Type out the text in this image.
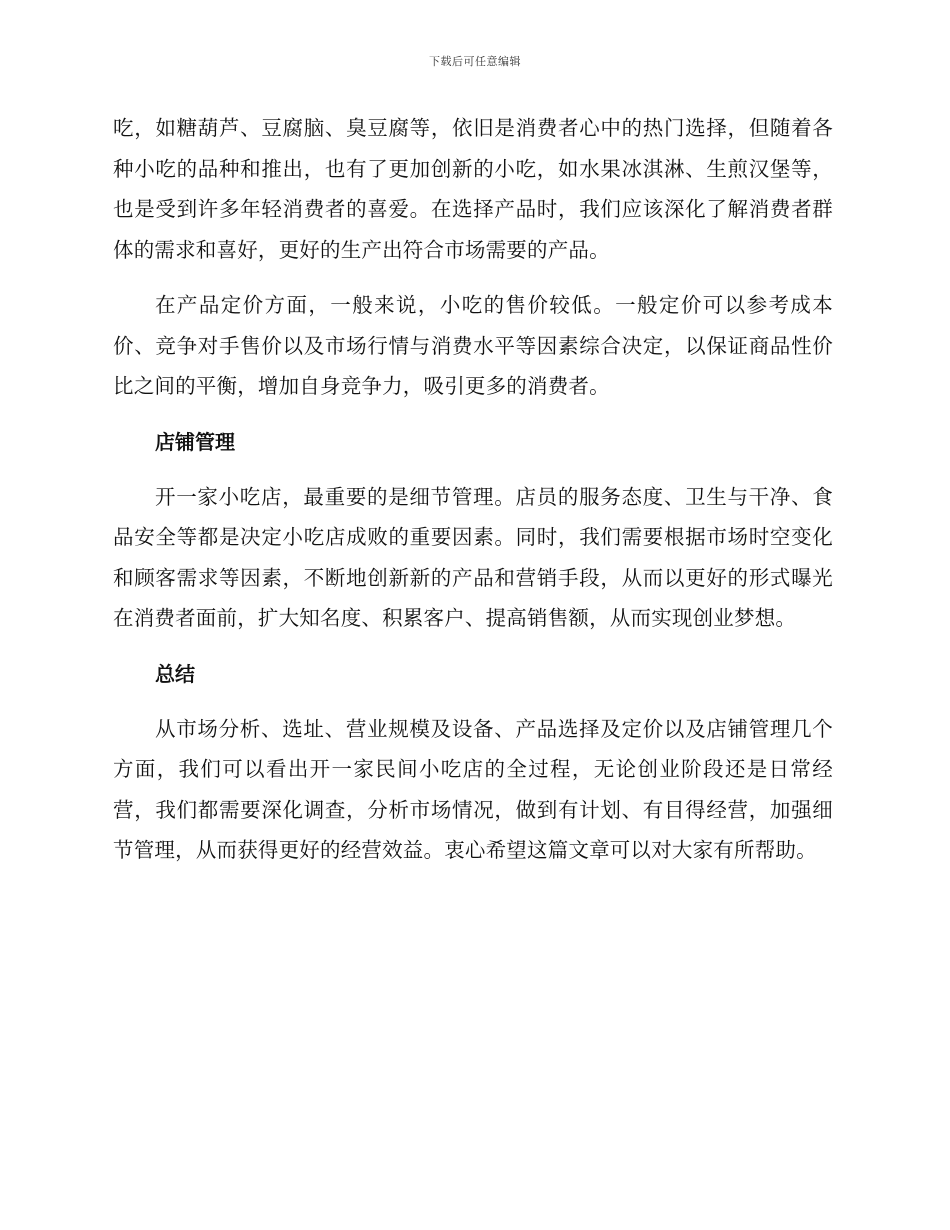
下载后可任意编辑

吃，如糖葫芦、豆腐脑、臭豆腐等，依旧是消费者心中的热门选择，但随着各种小吃的品种和推出，也有了更加创新的小吃，如水果冰淇淋、生煎汉堡等，也是受到许多年轻消费者的喜爱。在选择产品时，我们应该深化了解消费者群体的需求和喜好，更好的生产出符合市场需要的产品。

在产品定价方面，一般来说，小吃的售价较低。一般定价可以参考成本价、竞争对手售价以及市场行情与消费水平等因素综合决定，以保证商品性价比之间的平衡，增加自身竞争力，吸引更多的消费者。

店铺管理

开一家小吃店，最重要的是细节管理。店员的服务态度、卫生与干净、食品安全等都是决定小吃店成败的重要因素。同时，我们需要根据市场时空变化和顾客需求等因素，不断地创新新的产品和营销手段，从而以更好的形式曝光在消费者面前，扩大知名度、积累客户、提高销售额，从而实现创业梦想。

总结

从市场分析、选址、营业规模及设备、产品选择及定价以及店铺管理几个方面，我们可以看出开一家民间小吃店的全过程，无论创业阶段还是日常经营，我们都需要深化调查，分析市场情况，做到有计划、有目得经营，加强细节管理，从而获得更好的经营效益。衷心希望这篇文章可以对大家有所帮助。
